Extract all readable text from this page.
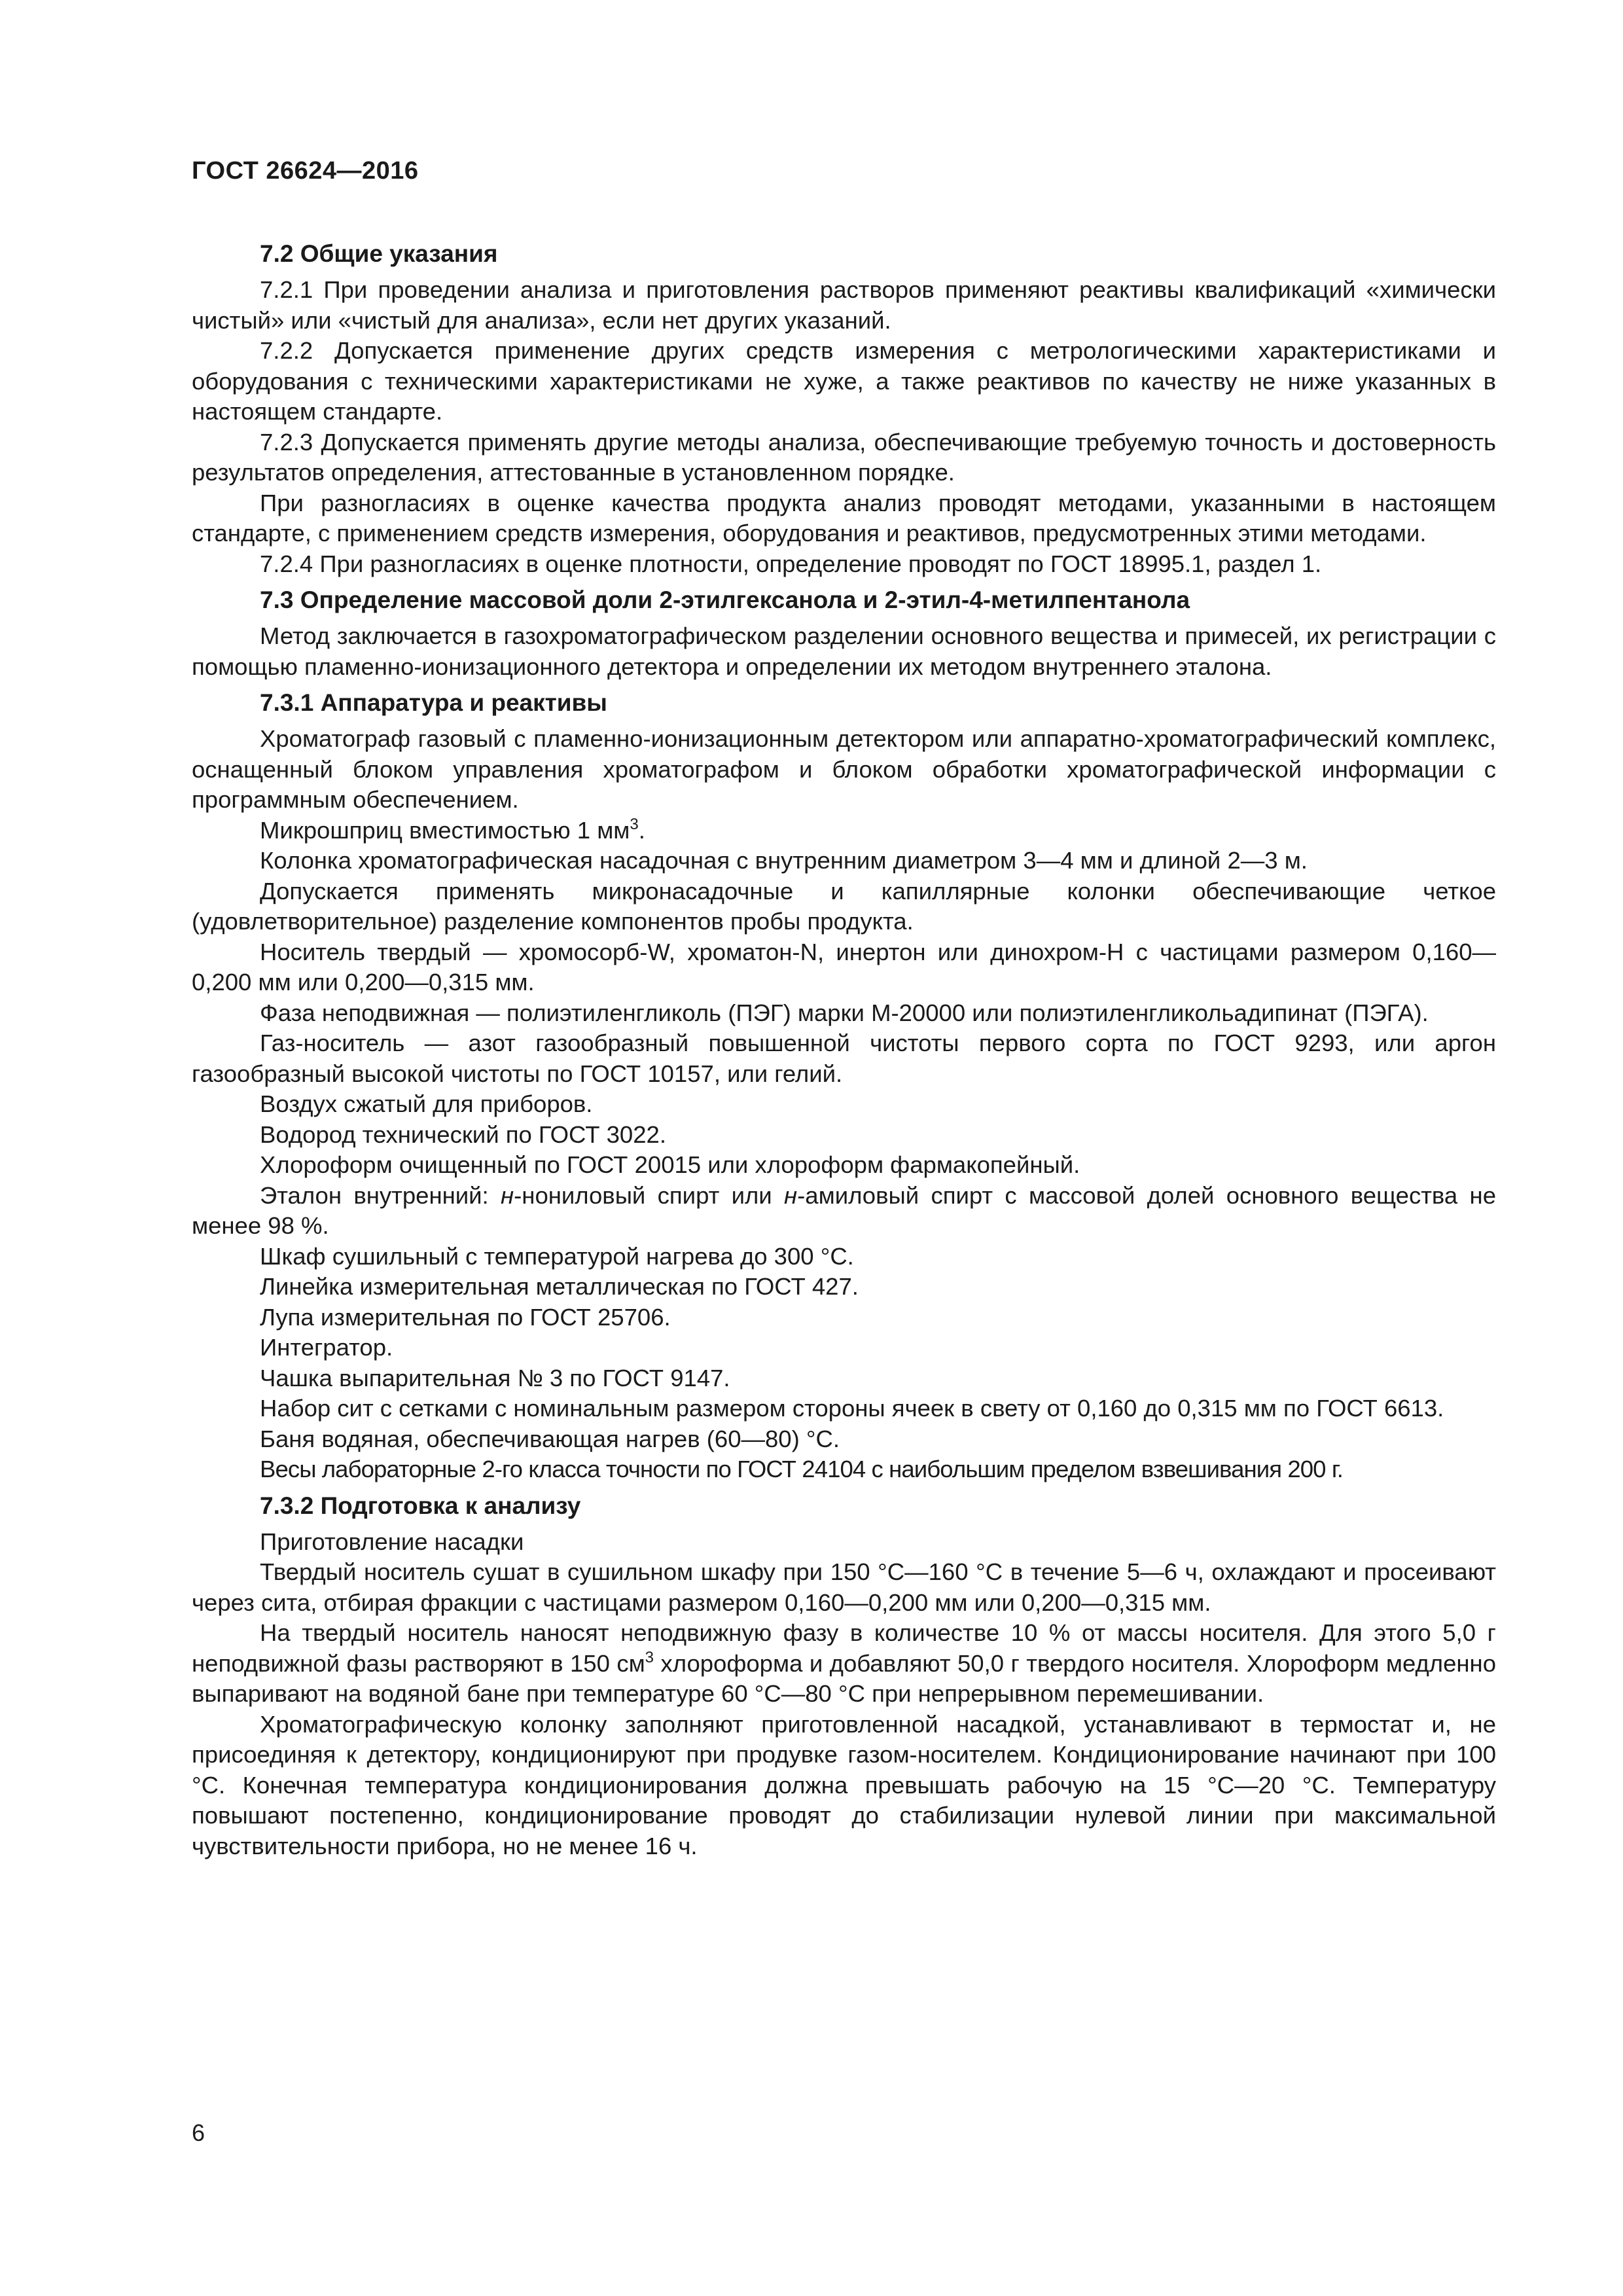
ГОСТ 26624—2016
7.2 Общие указания

7.2.1 При проведении анализа и приготовления растворов применяют реактивы квалификаций «химически чистый» или «чистый для анализа», если нет других указаний.

7.2.2 Допускается применение других средств измерения с метрологическими характеристиками и оборудования с техническими характеристиками не хуже, а также реактивов по качеству не ниже указанных в настоящем стандарте.

7.2.3 Допускается применять другие методы анализа, обеспечивающие требуемую точность и достоверность результатов определения, аттестованные в установленном порядке.

При разногласиях в оценке качества продукта анализ проводят методами, указанными в настоящем стандарте, с применением средств измерения, оборудования и реактивов, предусмотренных этими методами.

7.2.4 При разногласиях в оценке плотности, определение проводят по ГОСТ 18995.1, раздел 1.

7.3 Определение массовой доли 2-этилгексанола и 2-этил-4-метилпентанола

Метод заключается в газохроматографическом разделении основного вещества и примесей, их регистрации с помощью пламенно-ионизационного детектора и определении их методом внутреннего эталона.

7.3.1 Аппаратура и реактивы

Хроматограф газовый с пламенно-ионизационным детектором или аппаратно-хроматографический комплекс, оснащенный блоком управления хроматографом и блоком обработки хроматографической информации с программным обеспечением.

Микрошприц вместимостью 1 $мм^3$.

Колонка хроматографическая насадочная с внутренним диаметром 3—4 мм и длиной 2—3 м.

Допускается применять микронасадочные и капиллярные колонки обеспечивающие четкое (удовлетворительное) разделение компонентов пробы продукта.

Носитель твердый — хромосорб-W, хроматон-N, инертон или динохром-Н с частицами размером 0,160—0,200 мм или 0,200—0,315 мм.

Фаза неподвижная — полиэтиленгликоль (ПЭГ) марки М-20000 или полиэтиленгликольадипинат (ПЭГА).

Газ-носитель — азот газообразный повышенной чистоты первого сорта по ГОСТ 9293, или аргон газообразный высокой чистоты по ГОСТ 10157, или гелий.

Воздух сжатый для приборов.

Водород технический по ГОСТ 3022.

Хлороформ очищенный по ГОСТ 20015 или хлороформ фармакопейный.

Эталон внутренний: н-нониловый спирт или н-амиловый спирт с массовой долей основного вещества не менее 98 %.

Шкаф сушильный с температурой нагрева до 300 °С.

Линейка измерительная металлическая по ГОСТ 427.

Лупа измерительная по ГОСТ 25706.

Интегратор.

Чашка выпарительная № 3 по ГОСТ 9147.

Набор сит с сетками с номинальным размером стороны ячеек в свету от 0,160 до 0,315 мм по ГОСТ 6613.

Баня водяная, обеспечивающая нагрев (60—80) °С.

Весы лабораторные 2-го класса точности по ГОСТ 24104 с наибольшим пределом взвешивания 200 г.

7.3.2 Подготовка к анализу

Приготовление насадки

Твердый носитель сушат в сушильном шкафу при 150 °С—160 °С в течение 5—6 ч, охлаждают и просеивают через сита, отбирая фракции с частицами размером 0,160—0,200 мм или 0,200—0,315 мм.

На твердый носитель наносят неподвижную фазу в количестве 10 % от массы носителя. Для этого 5,0 г неподвижной фазы растворяют в 150 $см^3$ хлороформа и добавляют 50,0 г твердого носителя. Хлороформ медленно выпаривают на водяной бане при температуре 60 °С—80 °С при непрерывном перемешивании.

Хроматографическую колонку заполняют приготовленной насадкой, устанавливают в термостат и, не присоединяя к детектору, кондиционируют при продувке газом-носителем. Кондиционирование начинают при 100 °С. Конечная температура кондиционирования должна превышать рабочую на 15 °С—20 °С. Температуру повышают постепенно, кондиционирование проводят до стабилизации нулевой линии при максимальной чувствительности прибора, но не менее 16 ч.

6
